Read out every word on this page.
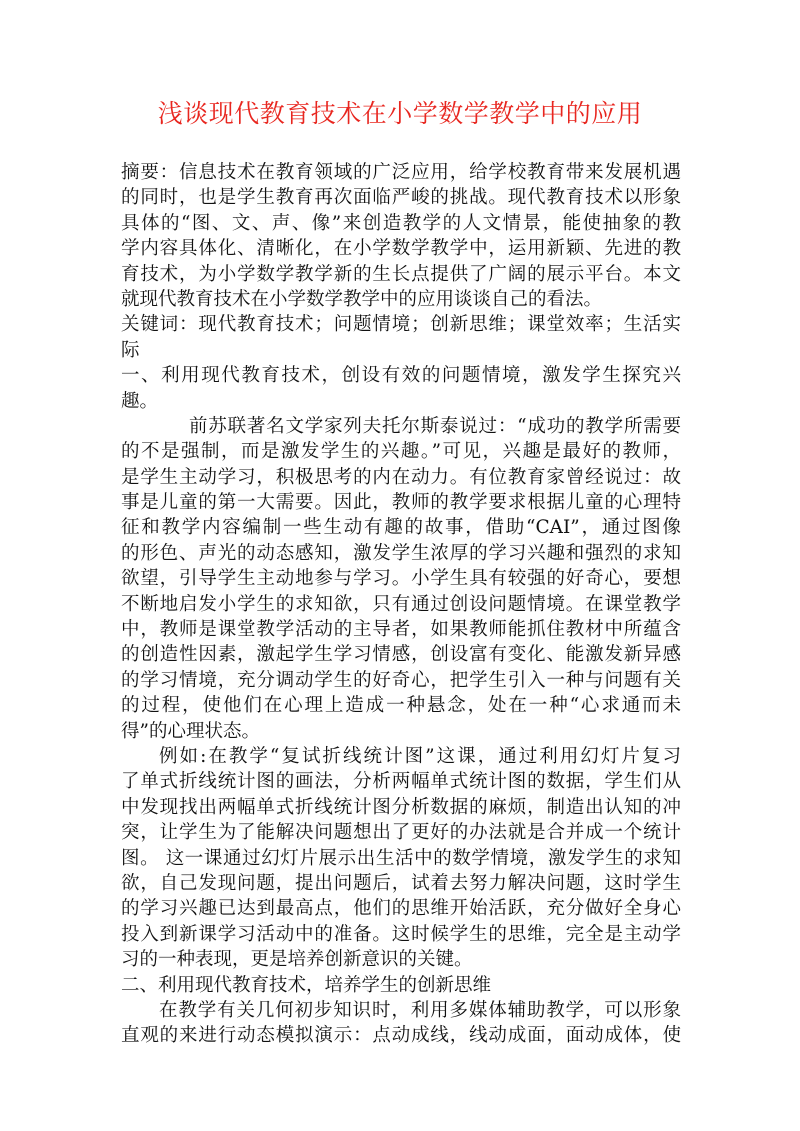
浅谈现代教育技术在小学数学教学中的应用
摘要：信息技术在教育领域的广泛应用，给学校教育带来发展机遇
的同时，也是学生教育再次面临严峻的挑战。现代教育技术以形象
具体的“图、文、声、像”来创造教学的人文情景，能使抽象的教
学内容具体化、清晰化，在小学数学教学中，运用新颖、先进的教
育技术，为小学数学教学新的生长点提供了广阔的展示平台。本文
就现代教育技术在小学数学教学中的应用谈谈自己的看法。
关键词：现代教育技术；问题情境；创新思维；课堂效率；生活实
际
一、利用现代教育技术，创设有效的问题情境，激发学生探究兴
趣。
前苏联著名文学家列夫托尔斯泰说过：“成功的教学所需要
的不是强制，而是激发学生的兴趣。”可见，兴趣是最好的教师，
是学生主动学习，积极思考的内在动力。有位教育家曾经说过：故
事是儿童的第一大需要。因此，教师的教学要求根据儿童的心理特
征和教学内容编制一些生动有趣的故事，借助“CAI”，通过图像
的形色、声光的动态感知，激发学生浓厚的学习兴趣和强烈的求知
欲望，引导学生主动地参与学习。小学生具有较强的好奇心，要想
不断地启发小学生的求知欲，只有通过创设问题情境。在课堂教学
中，教师是课堂教学活动的主导者，如果教师能抓住教材中所蕴含
的创造性因素，激起学生学习情感，创设富有变化、能激发新异感
的学习情境，充分调动学生的好奇心，把学生引入一种与问题有关
的过程，使他们在心理上造成一种悬念，处在一种“心求通而未
得”的心理状态。
例如:在教学“复试折线统计图”这课，通过利用幻灯片复习
了单式折线统计图的画法，分析两幅单式统计图的数据，学生们从
中发现找出两幅单式折线统计图分析数据的麻烦，制造出认知的冲
突，让学生为了能解决问题想出了更好的办法就是合并成一个统计
图。 这一课通过幻灯片展示出生活中的数学情境，激发学生的求知
欲，自己发现问题，提出问题后，试着去努力解决问题，这时学生
的学习兴趣已达到最高点，他们的思维开始活跃，充分做好全身心
投入到新课学习活动中的准备。这时候学生的思维，完全是主动学
习的一种表现，更是培养创新意识的关键。
二、利用现代教育技术，培养学生的创新思维
在教学有关几何初步知识时，利用多媒体辅助教学，可以形象
直观的来进行动态模拟演示：点动成线，线动成面，面动成体，使
